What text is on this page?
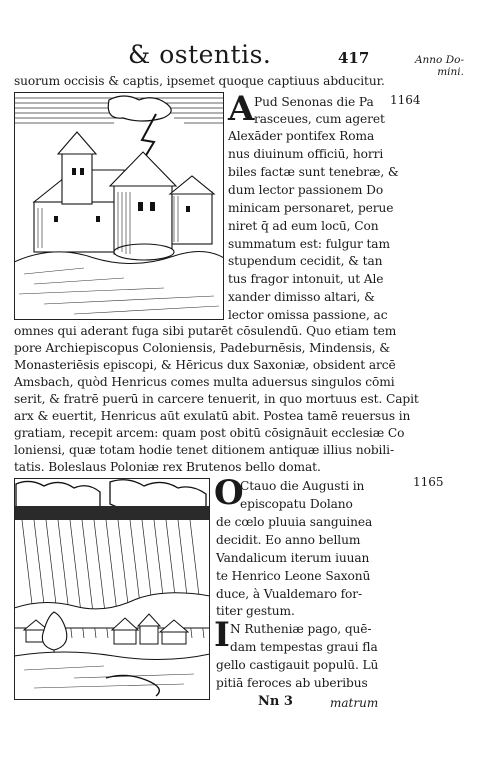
& ostentis.	417	Anno Do-
mini.
suorum occisis & captis, ipsemet quoque captiuus abducitur.
A	1164
Pud Senonas die Pa
rasceues, cum ageret
Alexāder pontifex Roma
nus diuinum officiū, horri
biles factæ sunt tenebræ, &
dum lector passionem Do
minicam personaret, perue
niret q̄ ad eum locū, Con
summatum est: fulgur tam
stupendum cecidit, & tan
tus fragor intonuit, ut Ale
xander dimisso altari, &
lector omissa passione, ac
omnes qui aderant fuga sibi putarēt cōsulendū. Quo etiam tem
pore Archiepiscopus Coloniensis, Padeburnēsis, Mindensis, &
Monasteriēsis episcopi, & Hēricus dux Saxoniæ, obsident arcē
Amsbach, quòd Henricus comes multa aduersus singulos cōmi
serit, & fratrē puerū in carcere tenuerit, in quo mortuus est. Capit
arx & euertit, Henricus aūt exulatū abit. Postea tamē reuersus in
gratiam, recepit arcem: quam post obitū cōsignāuit ecclesiæ Co
loniensi, quæ totam hodie tenet ditionem antiquæ illius nobili-
tatis. Boleslaus Poloniæ rex Brutenos bello domat.
O	1165
Ctauo die Augusti in
episcopatu Dolano
de cœlo pluuia sanguinea
decidit. Eo anno bellum
Vandalicum iterum iuuan
te Henrico Leone Saxonū
duce, à Vualdemaro for-
titer gestum.
I N Rutheniæ pago, quē-
dam tempestas graui fla
gello castigauit populū. Lū
pitiā feroces ab uberibus
Nn 3	matrum
